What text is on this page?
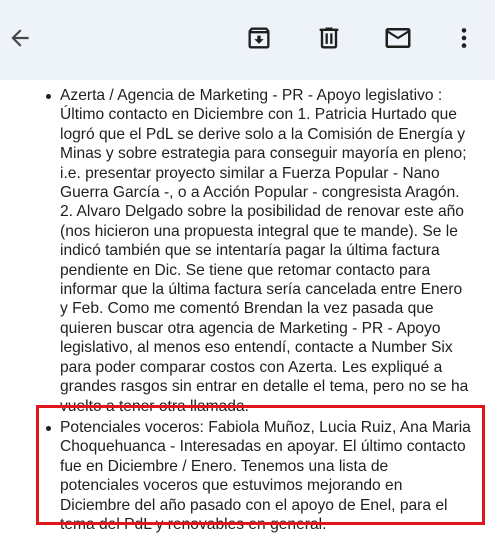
Azerta / Agencia de Marketing - PR - Apoyo legislativo :
Último contacto en Diciembre con 1. Patricia Hurtado que
logró que el PdL se derive solo a la Comisión de Energía y
Minas y sobre estrategia para conseguir mayoría en pleno;
i.e. presentar proyecto similar a Fuerza Popular - Nano
Guerra García -, o a Acción Popular - congresista Aragón.
2. Alvaro Delgado sobre la posibilidad de renovar este año
(nos hicieron una propuesta integral que te mande). Se le
indicó también que se intentaría pagar la última factura
pendiente en Dic. Se tiene que retomar contacto para
informar que la última factura sería cancelada entre Enero
y Feb. Como me comentó Brendan la vez pasada que
quieren buscar otra agencia de Marketing - PR - Apoyo
legislativo, al menos eso entendí, contacte a Number Six
para poder comparar costos con Azerta. Les expliqué a
grandes rasgos sin entrar en detalle el tema, pero no se ha
vuelto a tener otra llamada.
Potenciales voceros: Fabiola Muñoz, Lucia Ruiz, Ana Maria
Choquehuanca - Interesadas en apoyar. El último contacto
fue en Diciembre / Enero. Tenemos una lista de
potenciales voceros que estuvimos mejorando en
Diciembre del año pasado con el apoyo de Enel, para el
tema del PdL y renovables en general.
